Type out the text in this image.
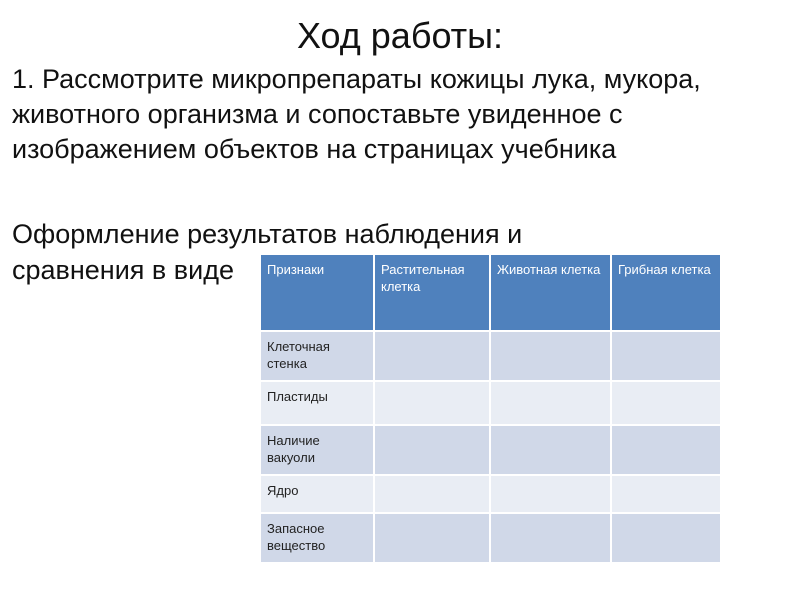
Ход работы:
1. Рассмотрите микропрепараты кожицы лука, мукора, животного организма и сопоставьте увиденное с изображением объектов на страницах учебника
Оформление результатов наблюдения и
сравнения в виде	Признаки	Растительная клетка	Животная клетка	Грибная клетка
Клеточная стенка			
Пластиды			
Наличие вакуоли			
Ядро			
Запасное вещество			
